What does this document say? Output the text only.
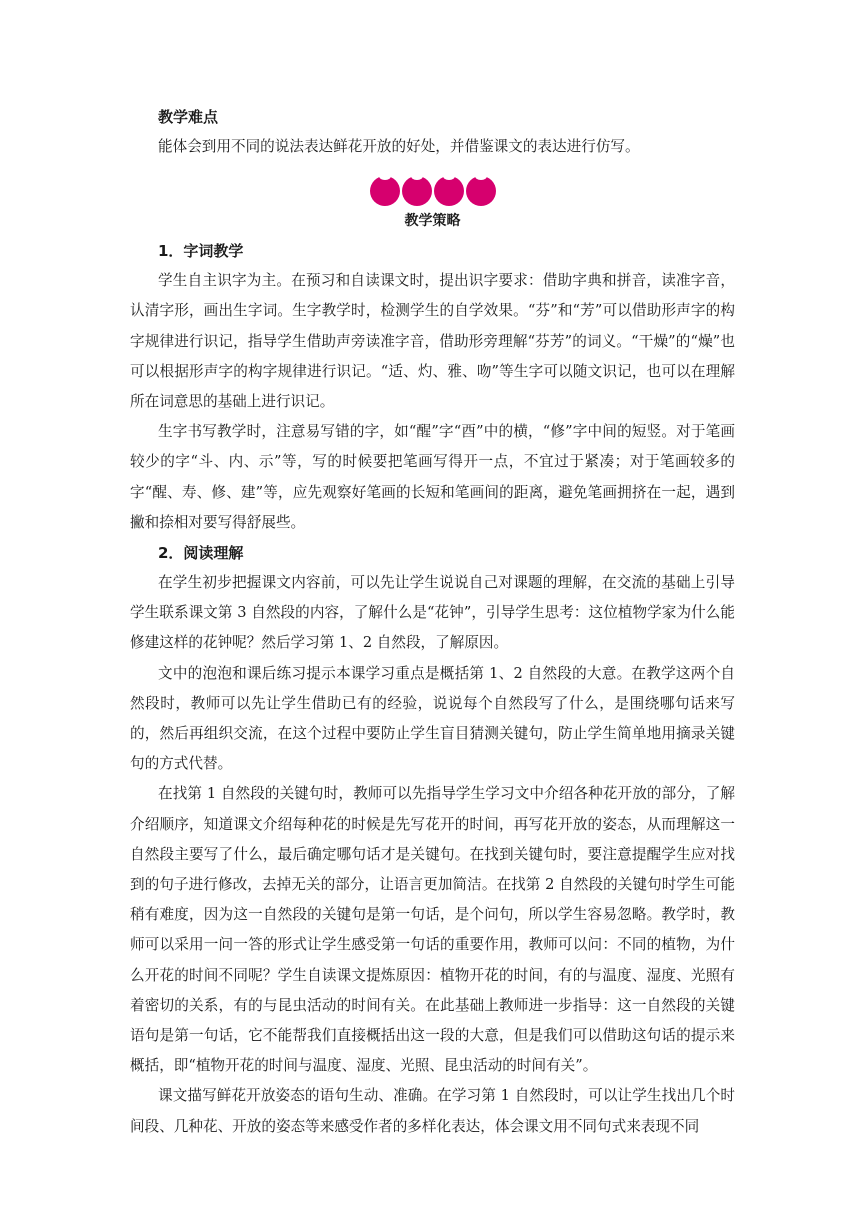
教学难点

能体会到用不同的说法表达鲜花开放的好处，并借鉴课文的表达进行仿写。

教学策略
1．字词教学

学生自主识字为主。在预习和自读课文时，提出识字要求：借助字典和拼音，读准字音，认清字形，画出生字词。生字教学时，检测学生的自学效果。“芬”和“芳”可以借助形声字的构字规律进行识记，指导学生借助声旁读准字音，借助形旁理解“芬芳”的词义。“干燥”的“燥”也可以根据形声字的构字规律进行识记。“适、灼、雅、吻”等生字可以随文识记，也可以在理解所在词意思的基础上进行识记。

生字书写教学时，注意易写错的字，如“醒”字“酉”中的横，“修”字中间的短竖。对于笔画较少的字“斗、内、示”等，写的时候要把笔画写得开一点，不宜过于紧凑；对于笔画较多的字“醒、寿、修、建”等，应先观察好笔画的长短和笔画间的距离，避免笔画拥挤在一起，遇到撇和捺相对要写得舒展些。

2．阅读理解

在学生初步把握课文内容前，可以先让学生说说自己对课题的理解，在交流的基础上引导学生联系课文第 3 自然段的内容，了解什么是“花钟”，引导学生思考：这位植物学家为什么能修建这样的花钟呢？然后学习第 1、2 自然段，了解原因。

文中的泡泡和课后练习提示本课学习重点是概括第 1、2 自然段的大意。在教学这两个自然段时，教师可以先让学生借助已有的经验，说说每个自然段写了什么，是围绕哪句话来写的，然后再组织交流，在这个过程中要防止学生盲目猜测关键句，防止学生简单地用摘录关键句的方式代替。

在找第 1 自然段的关键句时，教师可以先指导学生学习文中介绍各种花开放的部分，了解介绍顺序，知道课文介绍每种花的时候是先写花开的时间，再写花开放的姿态，从而理解这一自然段主要写了什么，最后确定哪句话才是关键句。在找到关键句时，要注意提醒学生应对找到的句子进行修改，去掉无关的部分，让语言更加简洁。在找第 2 自然段的关键句时学生可能稍有难度，因为这一自然段的关键句是第一句话，是个问句，所以学生容易忽略。教学时，教师可以采用一问一答的形式让学生感受第一句话的重要作用，教师可以问：不同的植物，为什么开花的时间不同呢？学生自读课文提炼原因：植物开花的时间，有的与温度、湿度、光照有着密切的关系，有的与昆虫活动的时间有关。在此基础上教师进一步指导：这一自然段的关键语句是第一句话，它不能帮我们直接概括出这一段的大意，但是我们可以借助这句话的提示来概括，即“植物开花的时间与温度、湿度、光照、昆虫活动的时间有关”。

课文描写鲜花开放姿态的语句生动、准确。在学习第 1 自然段时，可以让学生找出几个时间段、几种花、开放的姿态等来感受作者的多样化表达，体会课文用不同句式来表现不同
